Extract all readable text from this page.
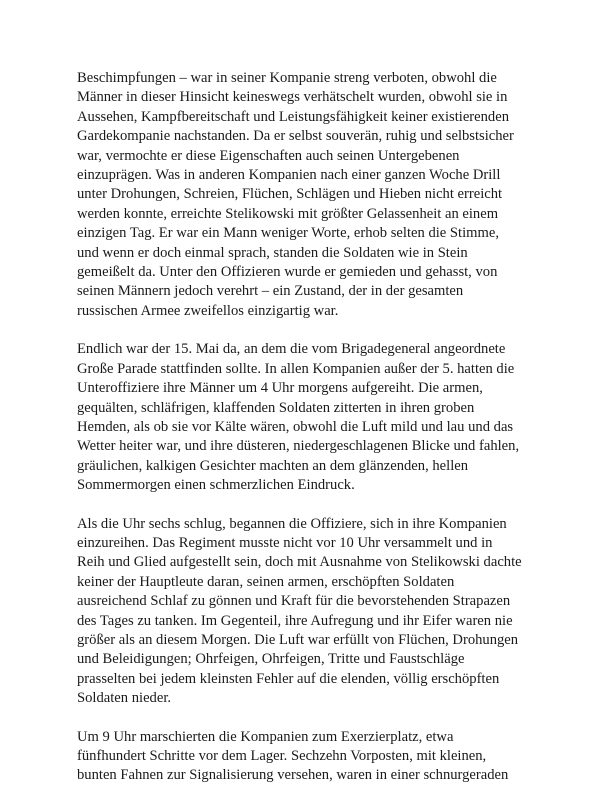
Beschimpfungen – war in seiner Kompanie streng verboten, obwohl die
Männer in dieser Hinsicht keineswegs verhätschelt wurden, obwohl sie in
Aussehen, Kampfbereitschaft und Leistungsfähigkeit keiner existierenden
Gardekompanie nachstanden. Da er selbst souverän, ruhig und selbstsicher
war, vermochte er diese Eigenschaften auch seinen Untergebenen
einzuprägen. Was in anderen Kompanien nach einer ganzen Woche Drill
unter Drohungen, Schreien, Flüchen, Schlägen und Hieben nicht erreicht
werden konnte, erreichte Stelikowski mit größter Gelassenheit an einem
einzigen Tag. Er war ein Mann weniger Worte, erhob selten die Stimme,
und wenn er doch einmal sprach, standen die Soldaten wie in Stein
gemeißelt da. Unter den Offizieren wurde er gemieden und gehasst, von
seinen Männern jedoch verehrt – ein Zustand, der in der gesamten
russischen Armee zweifellos einzigartig war.

Endlich war der 15. Mai da, an dem die vom Brigadegeneral angeordnete
Große Parade stattfinden sollte. In allen Kompanien außer der 5. hatten die
Unteroffiziere ihre Männer um 4 Uhr morgens aufgereiht. Die armen,
gequälten, schläfrigen, klaffenden Soldaten zitterten in ihren groben
Hemden, als ob sie vor Kälte wären, obwohl die Luft mild und lau und das
Wetter heiter war, und ihre düsteren, niedergeschlagenen Blicke und fahlen,
gräulichen, kalkigen Gesichter machten an dem glänzenden, hellen
Sommermorgen einen schmerzlichen Eindruck.

Als die Uhr sechs schlug, begannen die Offiziere, sich in ihre Kompanien
einzureihen. Das Regiment musste nicht vor 10 Uhr versammelt und in
Reih und Glied aufgestellt sein, doch mit Ausnahme von Stelikowski dachte
keiner der Hauptleute daran, seinen armen, erschöpften Soldaten
ausreichend Schlaf zu gönnen und Kraft für die bevorstehenden Strapazen
des Tages zu tanken. Im Gegenteil, ihre Aufregung und ihr Eifer waren nie
größer als an diesem Morgen. Die Luft war erfüllt von Flüchen, Drohungen
und Beleidigungen; Ohrfeigen, Ohrfeigen, Tritte und Faustschläge
prasselten bei jedem kleinsten Fehler auf die elenden, völlig erschöpften
Soldaten nieder.

Um 9 Uhr marschierten die Kompanien zum Exerzierplatz, etwa
fünfhundert Schritte vor dem Lager. Sechzehn Vorposten, mit kleinen,
bunten Fahnen zur Signalisierung versehen, waren in einer schnurgeraden
